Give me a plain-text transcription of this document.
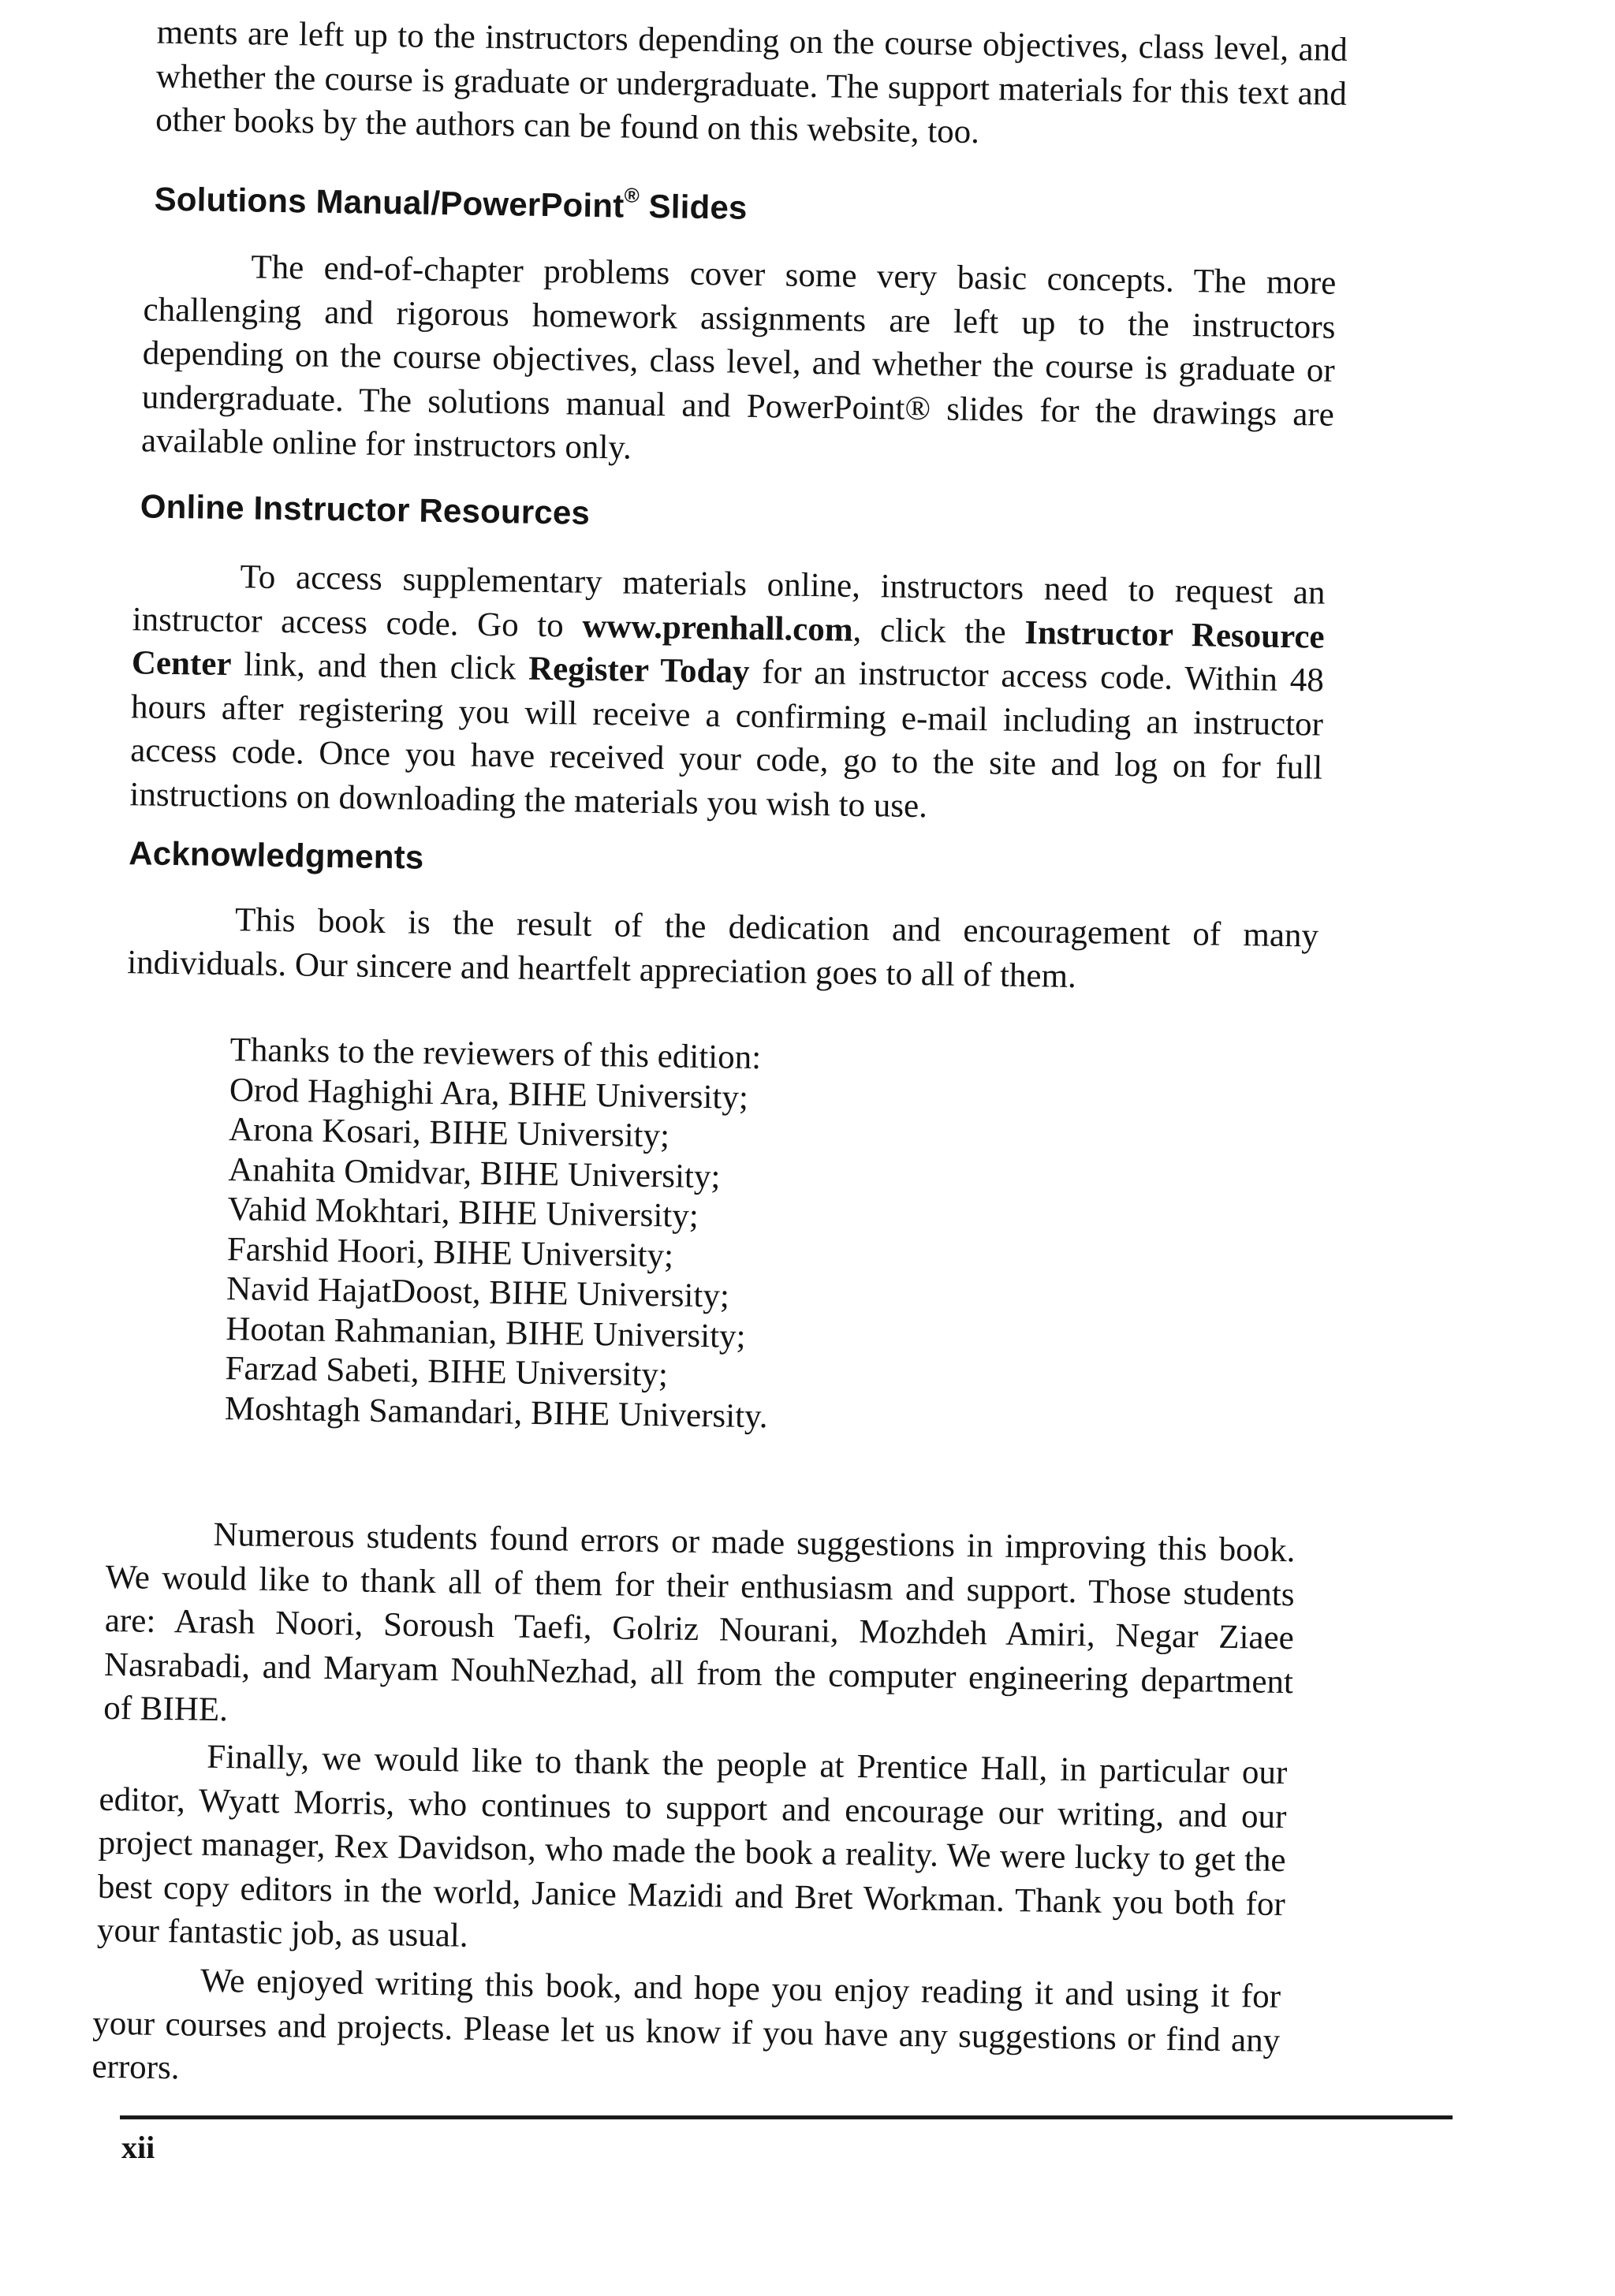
ments are left up to the instructors depending on the course objectives, class level, and whether the course is graduate or undergraduate. The support materials for this text and other books by the authors can be found on this website, too.

Solutions Manual/PowerPoint® Slides

The end-of-chapter problems cover some very basic concepts. The more challenging and rigorous homework assignments are left up to the instructors depending on the course objectives, class level, and whether the course is graduate or undergraduate. The solutions manual and PowerPoint® slides for the drawings are available online for instructors only.

Online Instructor Resources

To access supplementary materials online, instructors need to request an instructor access code. Go to www.prenhall.com, click the Instructor Resource Center link, and then click Register Today for an instructor access code. Within 48 hours after registering you will receive a confirming e-mail including an instructor access code. Once you have received your code, go to the site and log on for full instructions on downloading the materials you wish to use.

Acknowledgments

This book is the result of the dedication and encouragement of many individuals. Our sincere and heartfelt appreciation goes to all of them.

Thanks to the reviewers of this edition:
Orod Haghighi Ara, BIHE University;
Arona Kosari, BIHE University;
Anahita Omidvar, BIHE University;
Vahid Mokhtari, BIHE University;
Farshid Hoori, BIHE University;
Navid HajatDoost, BIHE University;
Hootan Rahmanian, BIHE University;
Farzad Sabeti, BIHE University;
Moshtagh Samandari, BIHE University.

Numerous students found errors or made suggestions in improving this book. We would like to thank all of them for their enthusiasm and support. Those students are: Arash Noori, Soroush Taefi, Golriz Nourani, Mozhdeh Amiri, Negar Ziaee Nasrabadi, and Maryam NouhNezhad, all from the computer engineering department of BIHE.

Finally, we would like to thank the people at Prentice Hall, in particular our editor, Wyatt Morris, who continues to support and encourage our writing, and our project manager, Rex Davidson, who made the book a reality. We were lucky to get the best copy editors in the world, Janice Mazidi and Bret Workman. Thank you both for your fantastic job, as usual.

We enjoyed writing this book, and hope you enjoy reading it and using it for your courses and projects. Please let us know if you have any suggestions or find any errors.

xii
